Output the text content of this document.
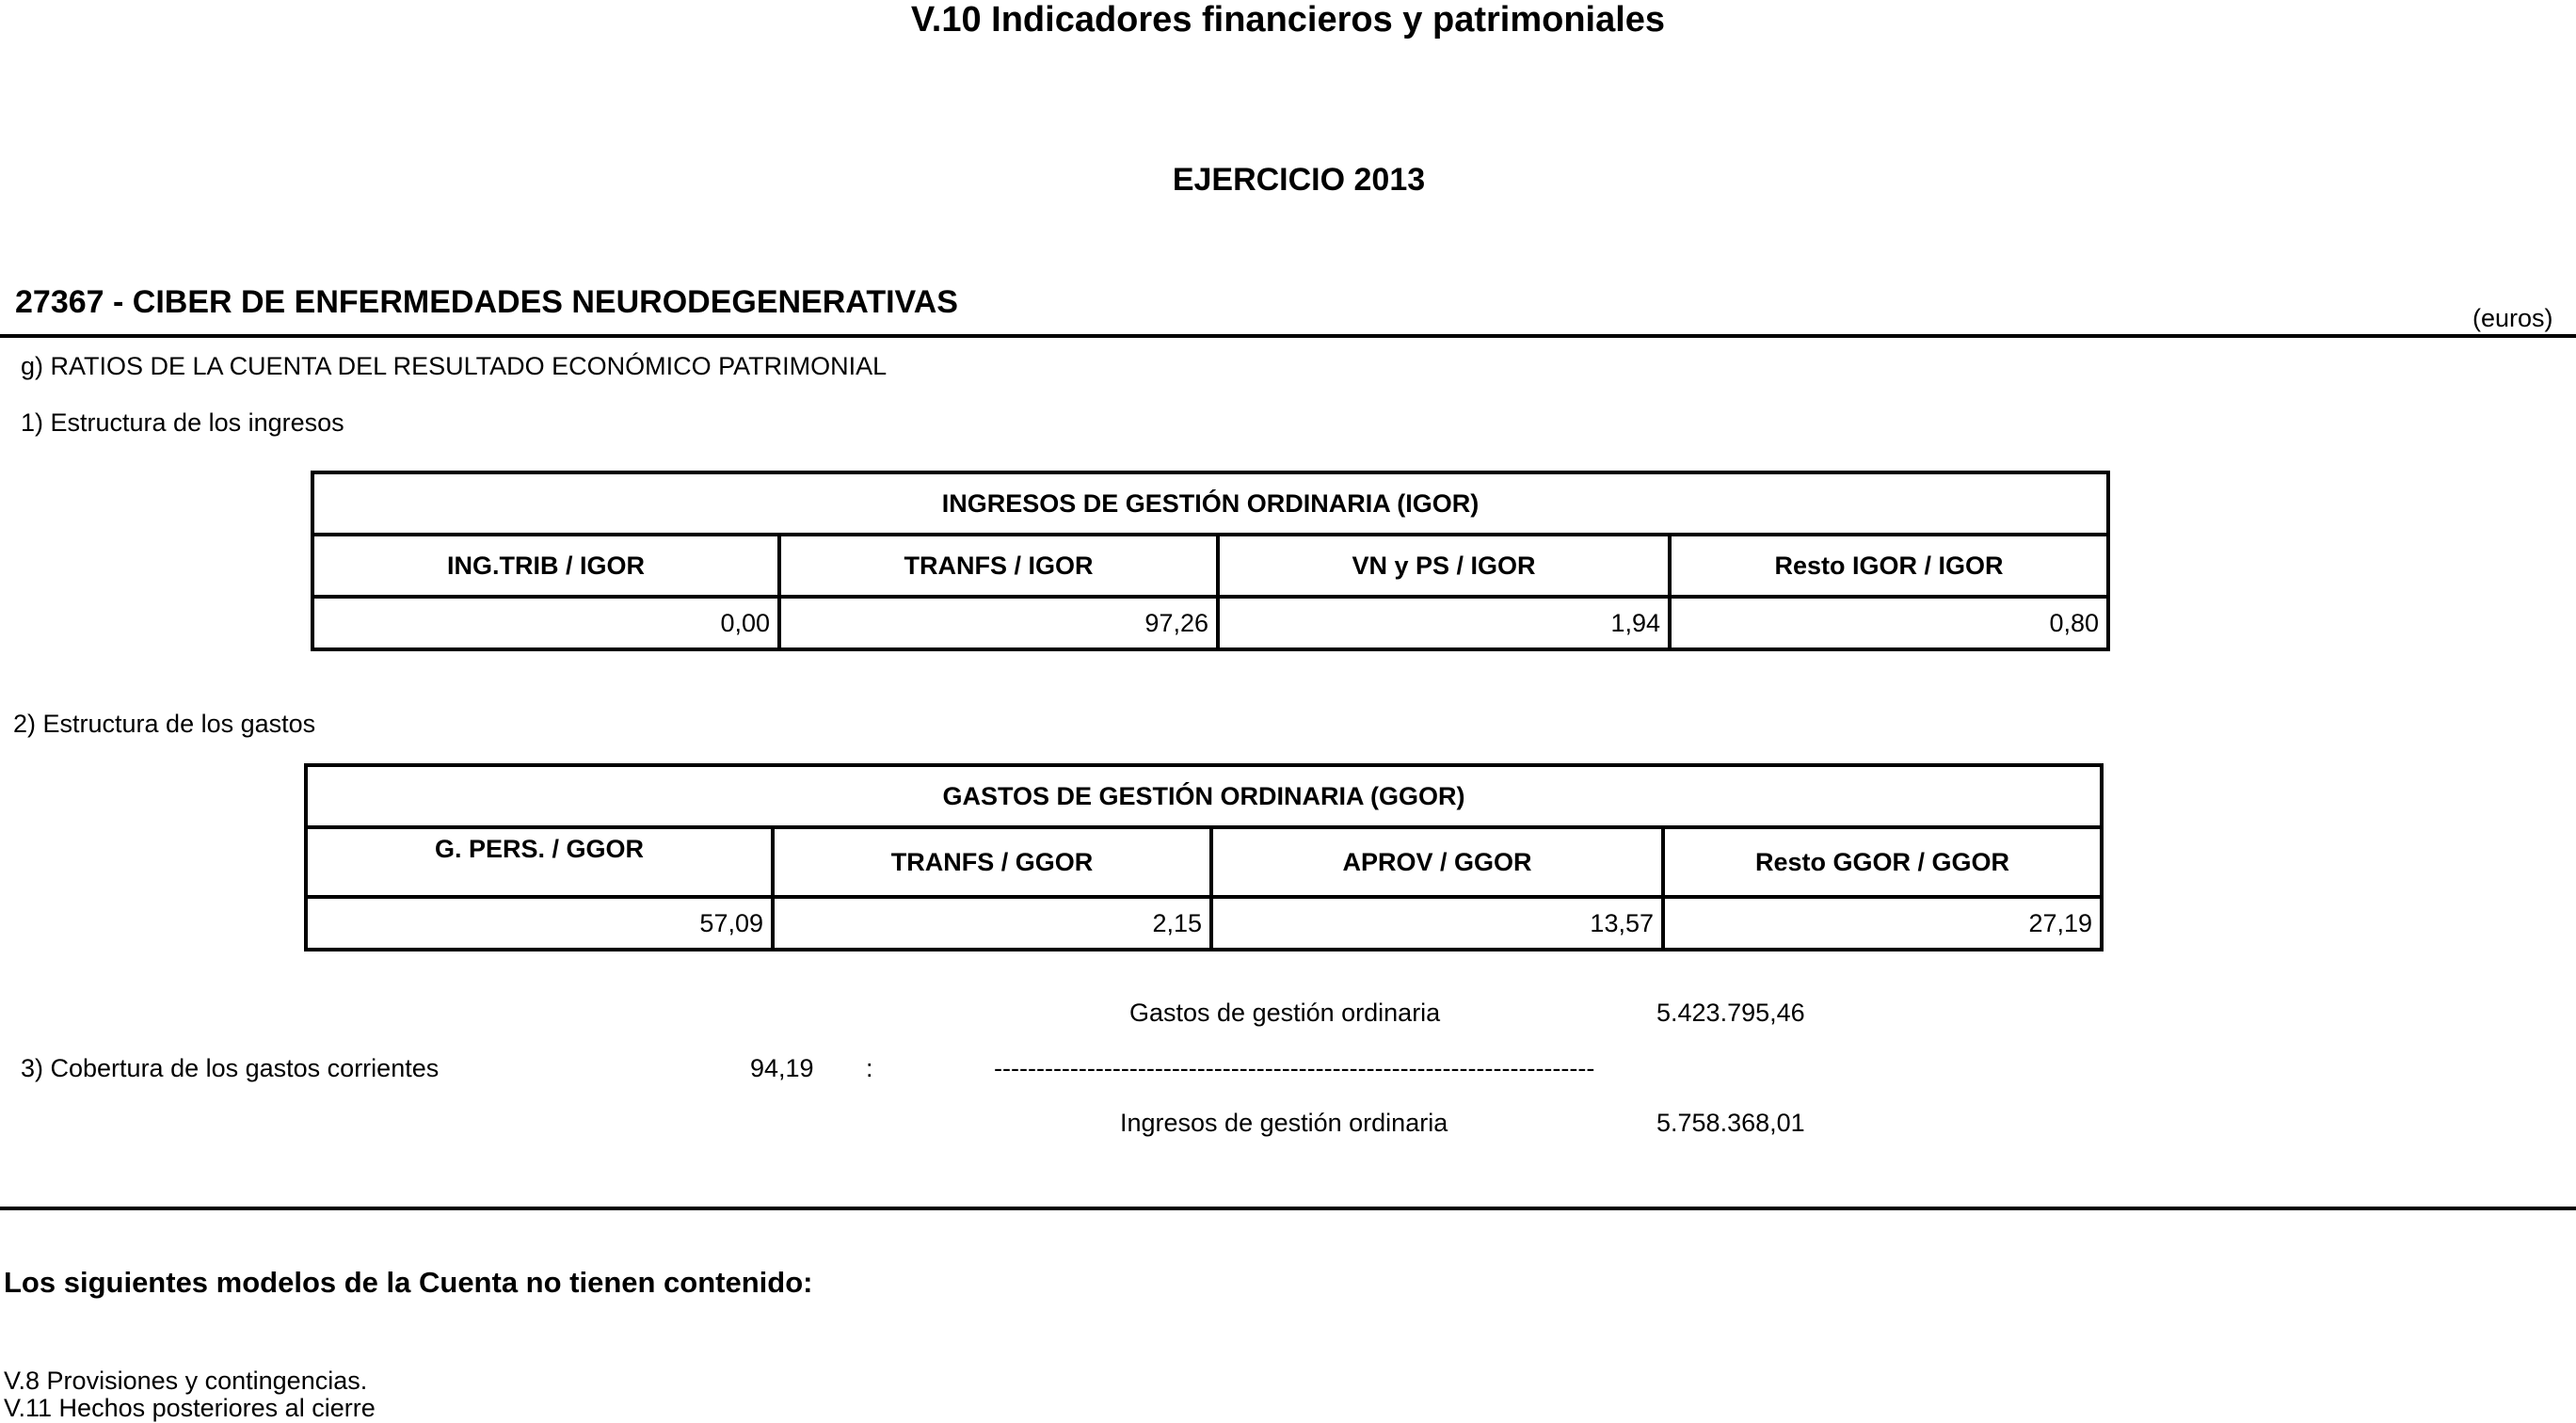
V.10 Indicadores financieros y patrimoniales
EJERCICIO 2013
27367 - CIBER DE ENFERMEDADES NEURODEGENERATIVAS	(euros)
g) RATIOS DE LA CUENTA DEL RESULTADO ECONÓMICO PATRIMONIAL
1) Estructura de los ingresos
INGRESOS DE GESTIÓN ORDINARIA (IGOR)			
ING.TRIB / IGOR	TRANFS / IGOR	VN y PS / IGOR	Resto IGOR / IGOR
0,00	97,26	1,94	0,80
2) Estructura de los gastos
GASTOS DE GESTIÓN ORDINARIA (GGOR)			
G. PERS. / GGOR	TRANFS / GGOR	APROV / GGOR	Resto GGOR / GGOR
57,09	2,15	13,57	27,19
Gastos de gestión ordinaria	5.423.795,46
3) Cobertura de los gastos corrientes	94,19 :	-----------------------------------------------------------------------
Ingresos de gestión ordinaria	5.758.368,01
Los siguientes modelos de la Cuenta no tienen contenido:
V.8 Provisiones y contingencias.
V.11 Hechos posteriores al cierre
